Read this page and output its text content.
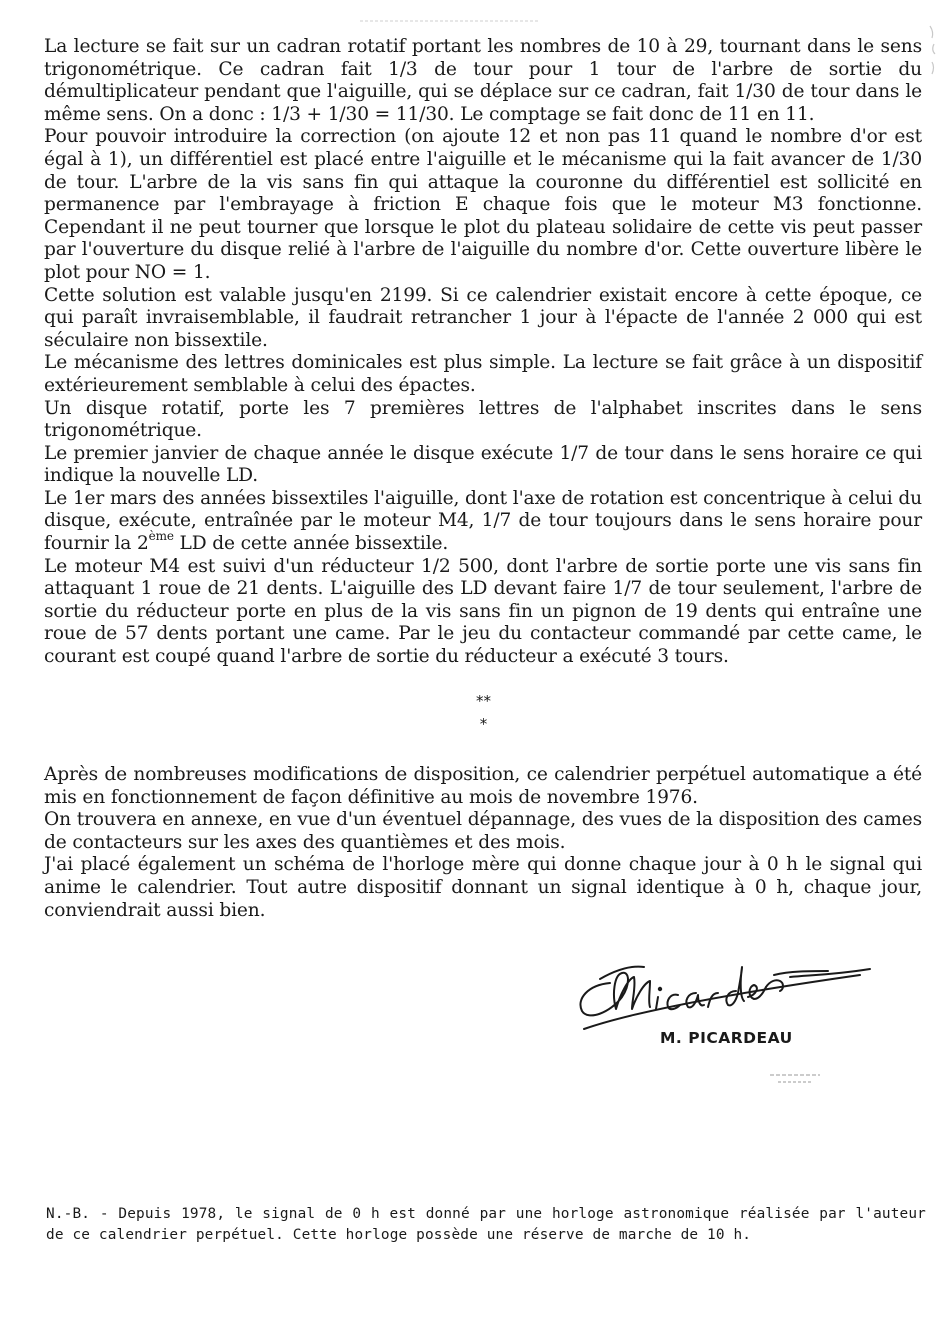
La lecture se fait sur un cadran rotatif portant les nombres de 10 à 29, tournant dans le sens trigonométrique. Ce cadran fait 1/3 de tour pour 1 tour de l'arbre de sortie du démultiplicateur pendant que l'aiguille, qui se déplace sur ce cadran, fait 1/30 de tour dans le même sens. On a donc : 1/3 + 1/30 = 11/30. Le comptage se fait donc de 11 en 11.

Pour pouvoir introduire la correction (on ajoute 12 et non pas 11 quand le nombre d'or est égal à 1), un différentiel est placé entre l'aiguille et le mécanisme qui la fait avancer de 1/30 de tour. L'arbre de la vis sans fin qui attaque la couronne du différentiel est sollicité en permanence par l'embrayage à friction E chaque fois que le moteur M3 fonctionne. Cependant il ne peut tourner que lorsque le plot du plateau solidaire de cette vis peut passer par l'ouverture du disque relié à l'arbre de l'aiguille du nombre d'or. Cette ouverture libère le plot pour NO = 1.

Cette solution est valable jusqu'en 2199. Si ce calendrier existait encore à cette époque, ce qui paraît invraisemblable, il faudrait retrancher 1 jour à l'épacte de l'année 2 000 qui est séculaire non bissextile.

Le mécanisme des lettres dominicales est plus simple. La lecture se fait grâce à un dispositif extérieurement semblable à celui des épactes.

Un disque rotatif, porte les 7 premières lettres de l'alphabet inscrites dans le sens trigonométrique.

Le premier janvier de chaque année le disque exécute 1/7 de tour dans le sens horaire ce qui indique la nouvelle LD.

Le 1er mars des années bissextiles l'aiguille, dont l'axe de rotation est concentrique à celui du disque, exécute, entraînée par le moteur M4, 1/7 de tour toujours dans le sens horaire pour fournir la 2ème LD de cette année bissextile.

Le moteur M4 est suivi d'un réducteur 1/2 500, dont l'arbre de sortie porte une vis sans fin attaquant 1 roue de 21 dents. L'aiguille des LD devant faire 1/7 de tour seulement, l'arbre de sortie du réducteur porte en plus de la vis sans fin un pignon de 19 dents qui entraîne une roue de 57 dents portant une came. Par le jeu du contacteur commandé par cette came, le courant est coupé quand l'arbre de sortie du réducteur a exécuté 3 tours.

**
*

Après de nombreuses modifications de disposition, ce calendrier perpétuel automatique a été mis en fonctionnement de façon définitive au mois de novembre 1976.

On trouvera en annexe, en vue d'un éventuel dépannage, des vues de la disposition des cames de contacteurs sur les axes des quantièmes et des mois.

J'ai placé également un schéma de l'horloge mère qui donne chaque jour à 0 h le signal qui anime le calendrier. Tout autre dispositif donnant un signal identique à 0 h, chaque jour, conviendrait aussi bien.

M. PICARDEAU

N.-B. - Depuis 1978, le signal de 0 h est donné par une horloge astronomique réalisée par l'auteur de ce calendrier perpétuel. Cette horloge possède une réserve de marche de 10 h.
